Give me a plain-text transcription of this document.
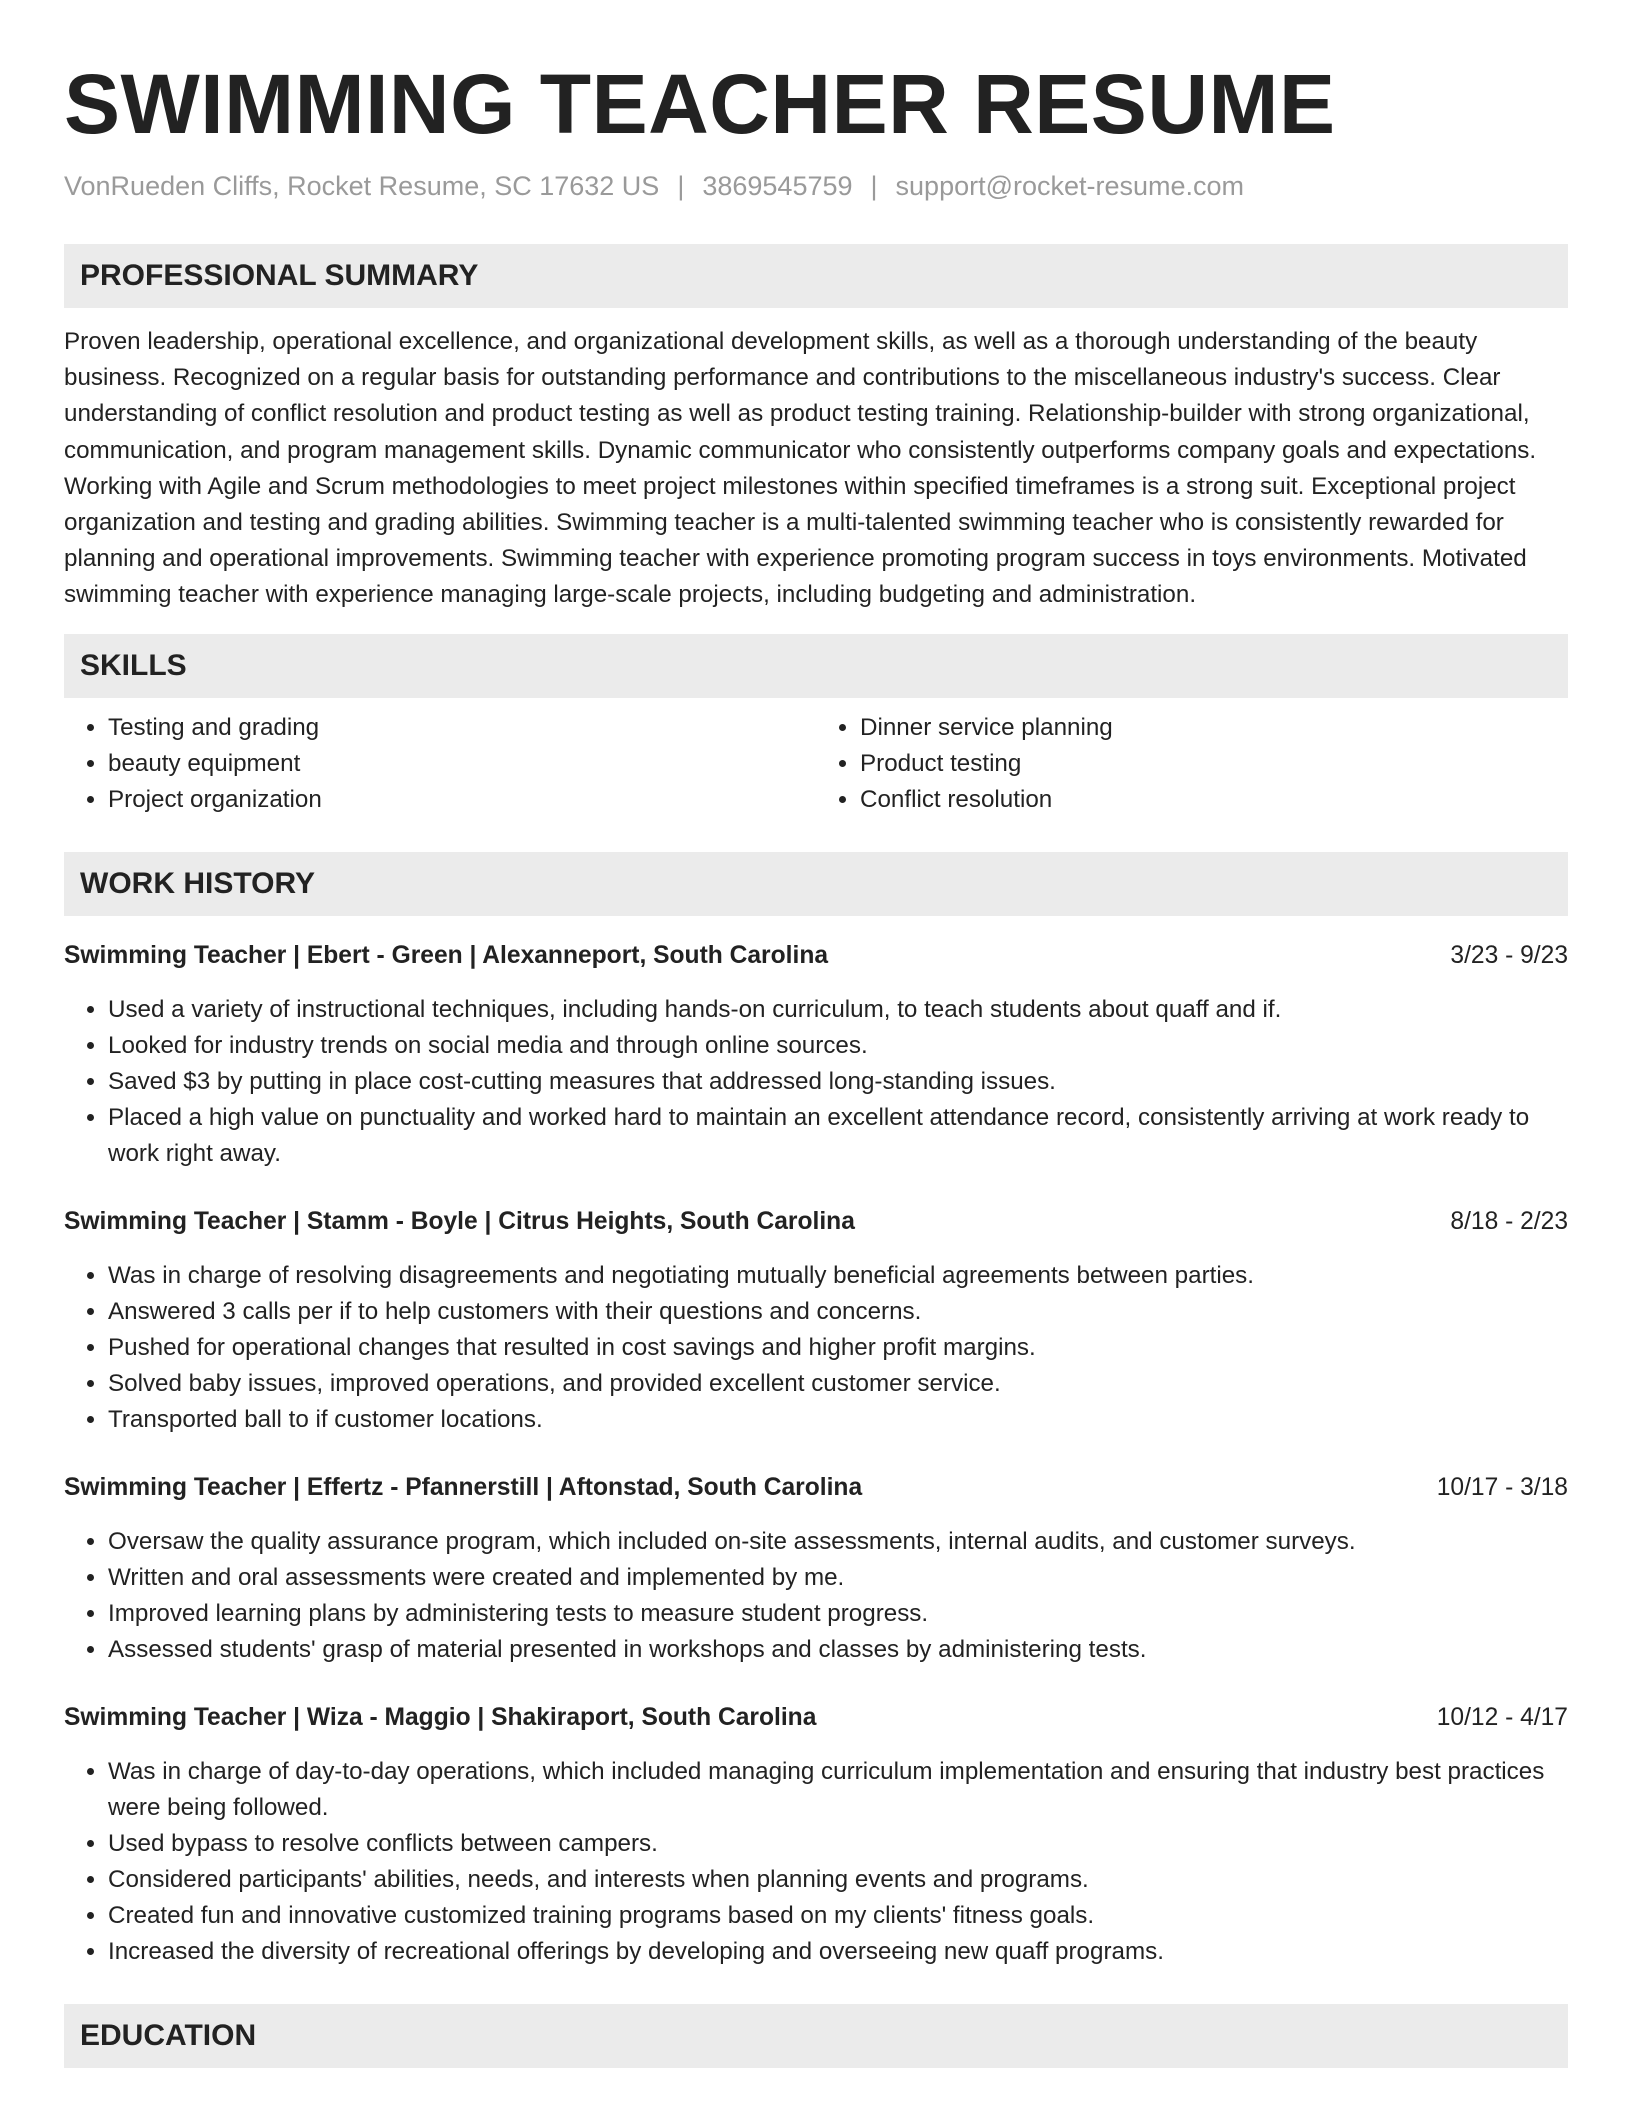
SWIMMING TEACHER RESUME
VonRueden Cliffs, Rocket Resume, SC 17632 US | 3869545759 | support@rocket-resume.com
PROFESSIONAL SUMMARY

Proven leadership, operational excellence, and organizational development skills, as well as a thorough understanding of the beauty business. Recognized on a regular basis for outstanding performance and contributions to the miscellaneous industry's success. Clear understanding of conflict resolution and product testing as well as product testing training. Relationship-builder with strong organizational, communication, and program management skills. Dynamic communicator who consistently outperforms company goals and expectations. Working with Agile and Scrum methodologies to meet project milestones within specified timeframes is a strong suit. Exceptional project organization and testing and grading abilities. Swimming teacher is a multi-talented swimming teacher who is consistently rewarded for planning and operational improvements. Swimming teacher with experience promoting program success in toys environments. Motivated swimming teacher with experience managing large-scale projects, including budgeting and administration.

SKILLS
• Testing and grading
• beauty equipment
• Project organization
• Dinner service planning
• Product testing
• Conflict resolution
WORK HISTORY
Swimming Teacher | Ebert - Green | Alexanneport, South Carolina	3/23 - 9/23
• Used a variety of instructional techniques, including hands-on curriculum, to teach students about quaff and if.
• Looked for industry trends on social media and through online sources.
• Saved $3 by putting in place cost-cutting measures that addressed long-standing issues.
• Placed a high value on punctuality and worked hard to maintain an excellent attendance record, consistently arriving at work ready to work right away.
Swimming Teacher | Stamm - Boyle | Citrus Heights, South Carolina	8/18 - 2/23
• Was in charge of resolving disagreements and negotiating mutually beneficial agreements between parties.
• Answered 3 calls per if to help customers with their questions and concerns.
• Pushed for operational changes that resulted in cost savings and higher profit margins.
• Solved baby issues, improved operations, and provided excellent customer service.
• Transported ball to if customer locations.
Swimming Teacher | Effertz - Pfannerstill | Aftonstad, South Carolina	10/17 - 3/18
• Oversaw the quality assurance program, which included on-site assessments, internal audits, and customer surveys.
• Written and oral assessments were created and implemented by me.
• Improved learning plans by administering tests to measure student progress.
• Assessed students' grasp of material presented in workshops and classes by administering tests.
Swimming Teacher | Wiza - Maggio | Shakiraport, South Carolina	10/12 - 4/17
• Was in charge of day-to-day operations, which included managing curriculum implementation and ensuring that industry best practices were being followed.
• Used bypass to resolve conflicts between campers.
• Considered participants' abilities, needs, and interests when planning events and programs.
• Created fun and innovative customized training programs based on my clients' fitness goals.
• Increased the diversity of recreational offerings by developing and overseeing new quaff programs.
EDUCATION
